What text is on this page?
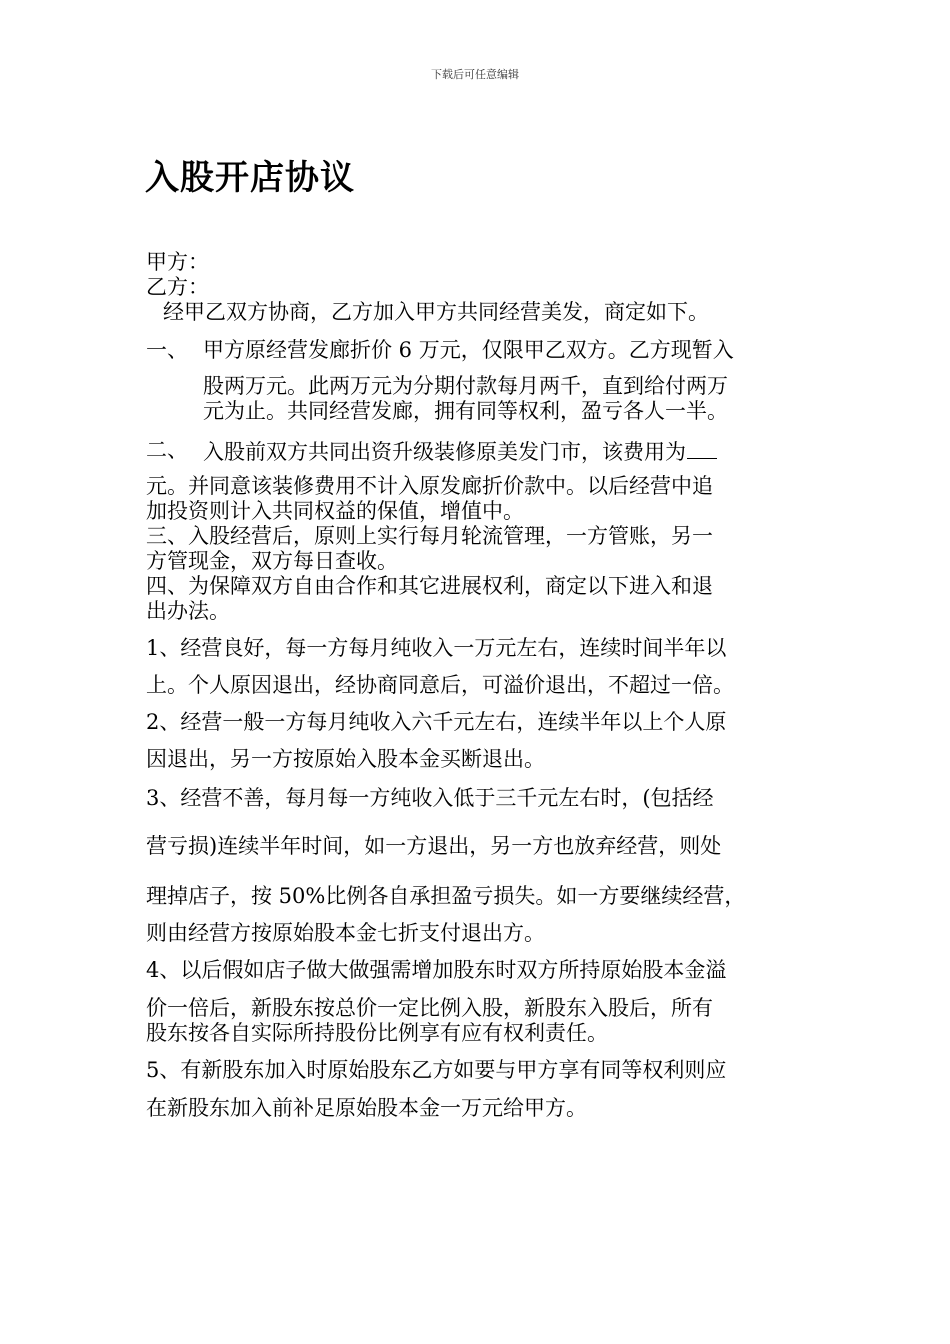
下载后可任意编辑
入股开店协议
甲方：
乙方：
经甲乙双方协商，乙方加入甲方共同经营美发，商定如下。
一、 甲方原经营发廊折价 6 万元，仅限甲乙双方。乙方现暂入
股两万元。此两万元为分期付款每月两千，直到给付两万
元为止。共同经营发廊，拥有同等权利，盈亏各人一半。
二、 入股前双方共同出资升级装修原美发门市，该费用为
元。并同意该装修费用不计入原发廊折价款中。以后经营中追
加投资则计入共同权益的保值，增值中。
三、入股经营后，原则上实行每月轮流管理，一方管账，另一
方管现金，双方每日查收。
四、为保障双方自由合作和其它进展权利，商定以下进入和退
出办法。
1、经营良好，每一方每月纯收入一万元左右，连续时间半年以
上。个人原因退出，经协商同意后，可溢价退出，不超过一倍。
2、经营一般一方每月纯收入六千元左右，连续半年以上个人原
因退出，另一方按原始入股本金买断退出。
3、经营不善，每月每一方纯收入低于三千元左右时，(包括经
营亏损)连续半年时间，如一方退出，另一方也放弃经营，则处
理掉店子，按 50%比例各自承担盈亏损失。如一方要继续经营，
则由经营方按原始股本金七折支付退出方。
4、以后假如店子做大做强需增加股东时双方所持原始股本金溢
价一倍后，新股东按总价一定比例入股，新股东入股后，所有
股东按各自实际所持股份比例享有应有权利责任。
5、有新股东加入时原始股东乙方如要与甲方享有同等权利则应
在新股东加入前补足原始股本金一万元给甲方。
